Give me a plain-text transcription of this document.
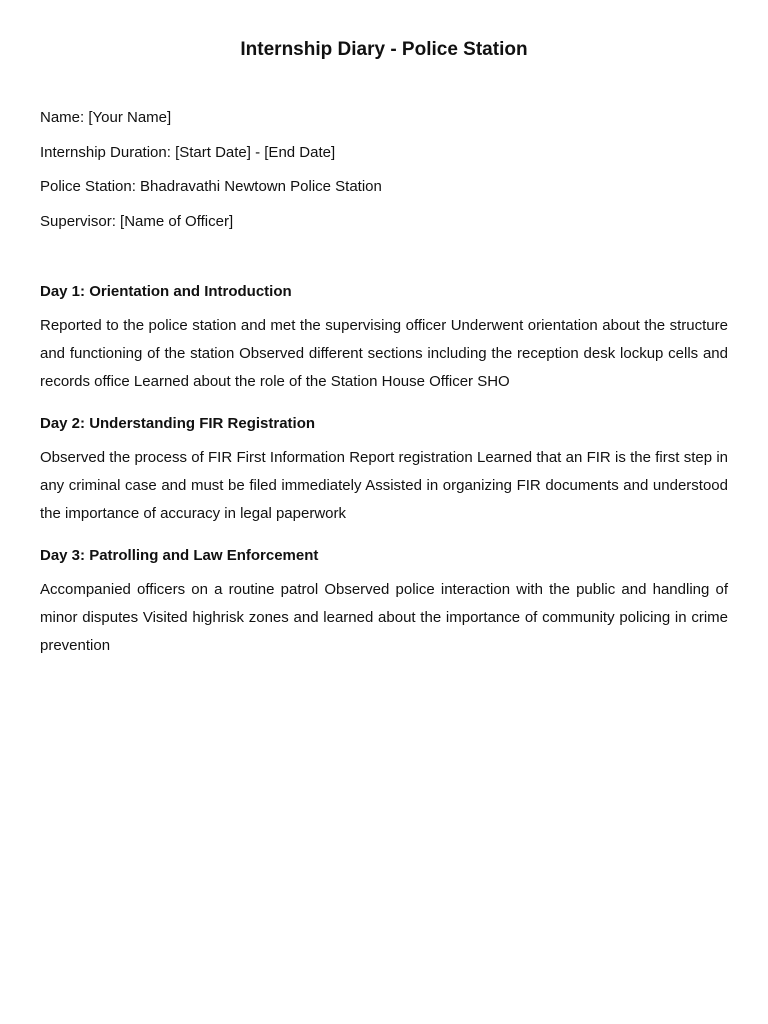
Internship Diary - Police Station

Name: [Your Name]

Internship Duration: [Start Date] - [End Date]

Police Station: Bhadravathi Newtown Police Station

Supervisor: [Name of Officer]

Day 1: Orientation and Introduction

Reported to the police station and met the supervising officer Underwent orientation about the structure and functioning of the station Observed different sections including the reception desk lockup cells and records office Learned about the role of the Station House Officer SHO

Day 2: Understanding FIR Registration

Observed the process of FIR First Information Report registration Learned that an FIR is the first step in any criminal case and must be filed immediately Assisted in organizing FIR documents and understood the importance of accuracy in legal paperwork

Day 3: Patrolling and Law Enforcement

Accompanied officers on a routine patrol Observed police interaction with the public and handling of minor disputes Visited highrisk zones and learned about the importance of community policing in crime prevention
